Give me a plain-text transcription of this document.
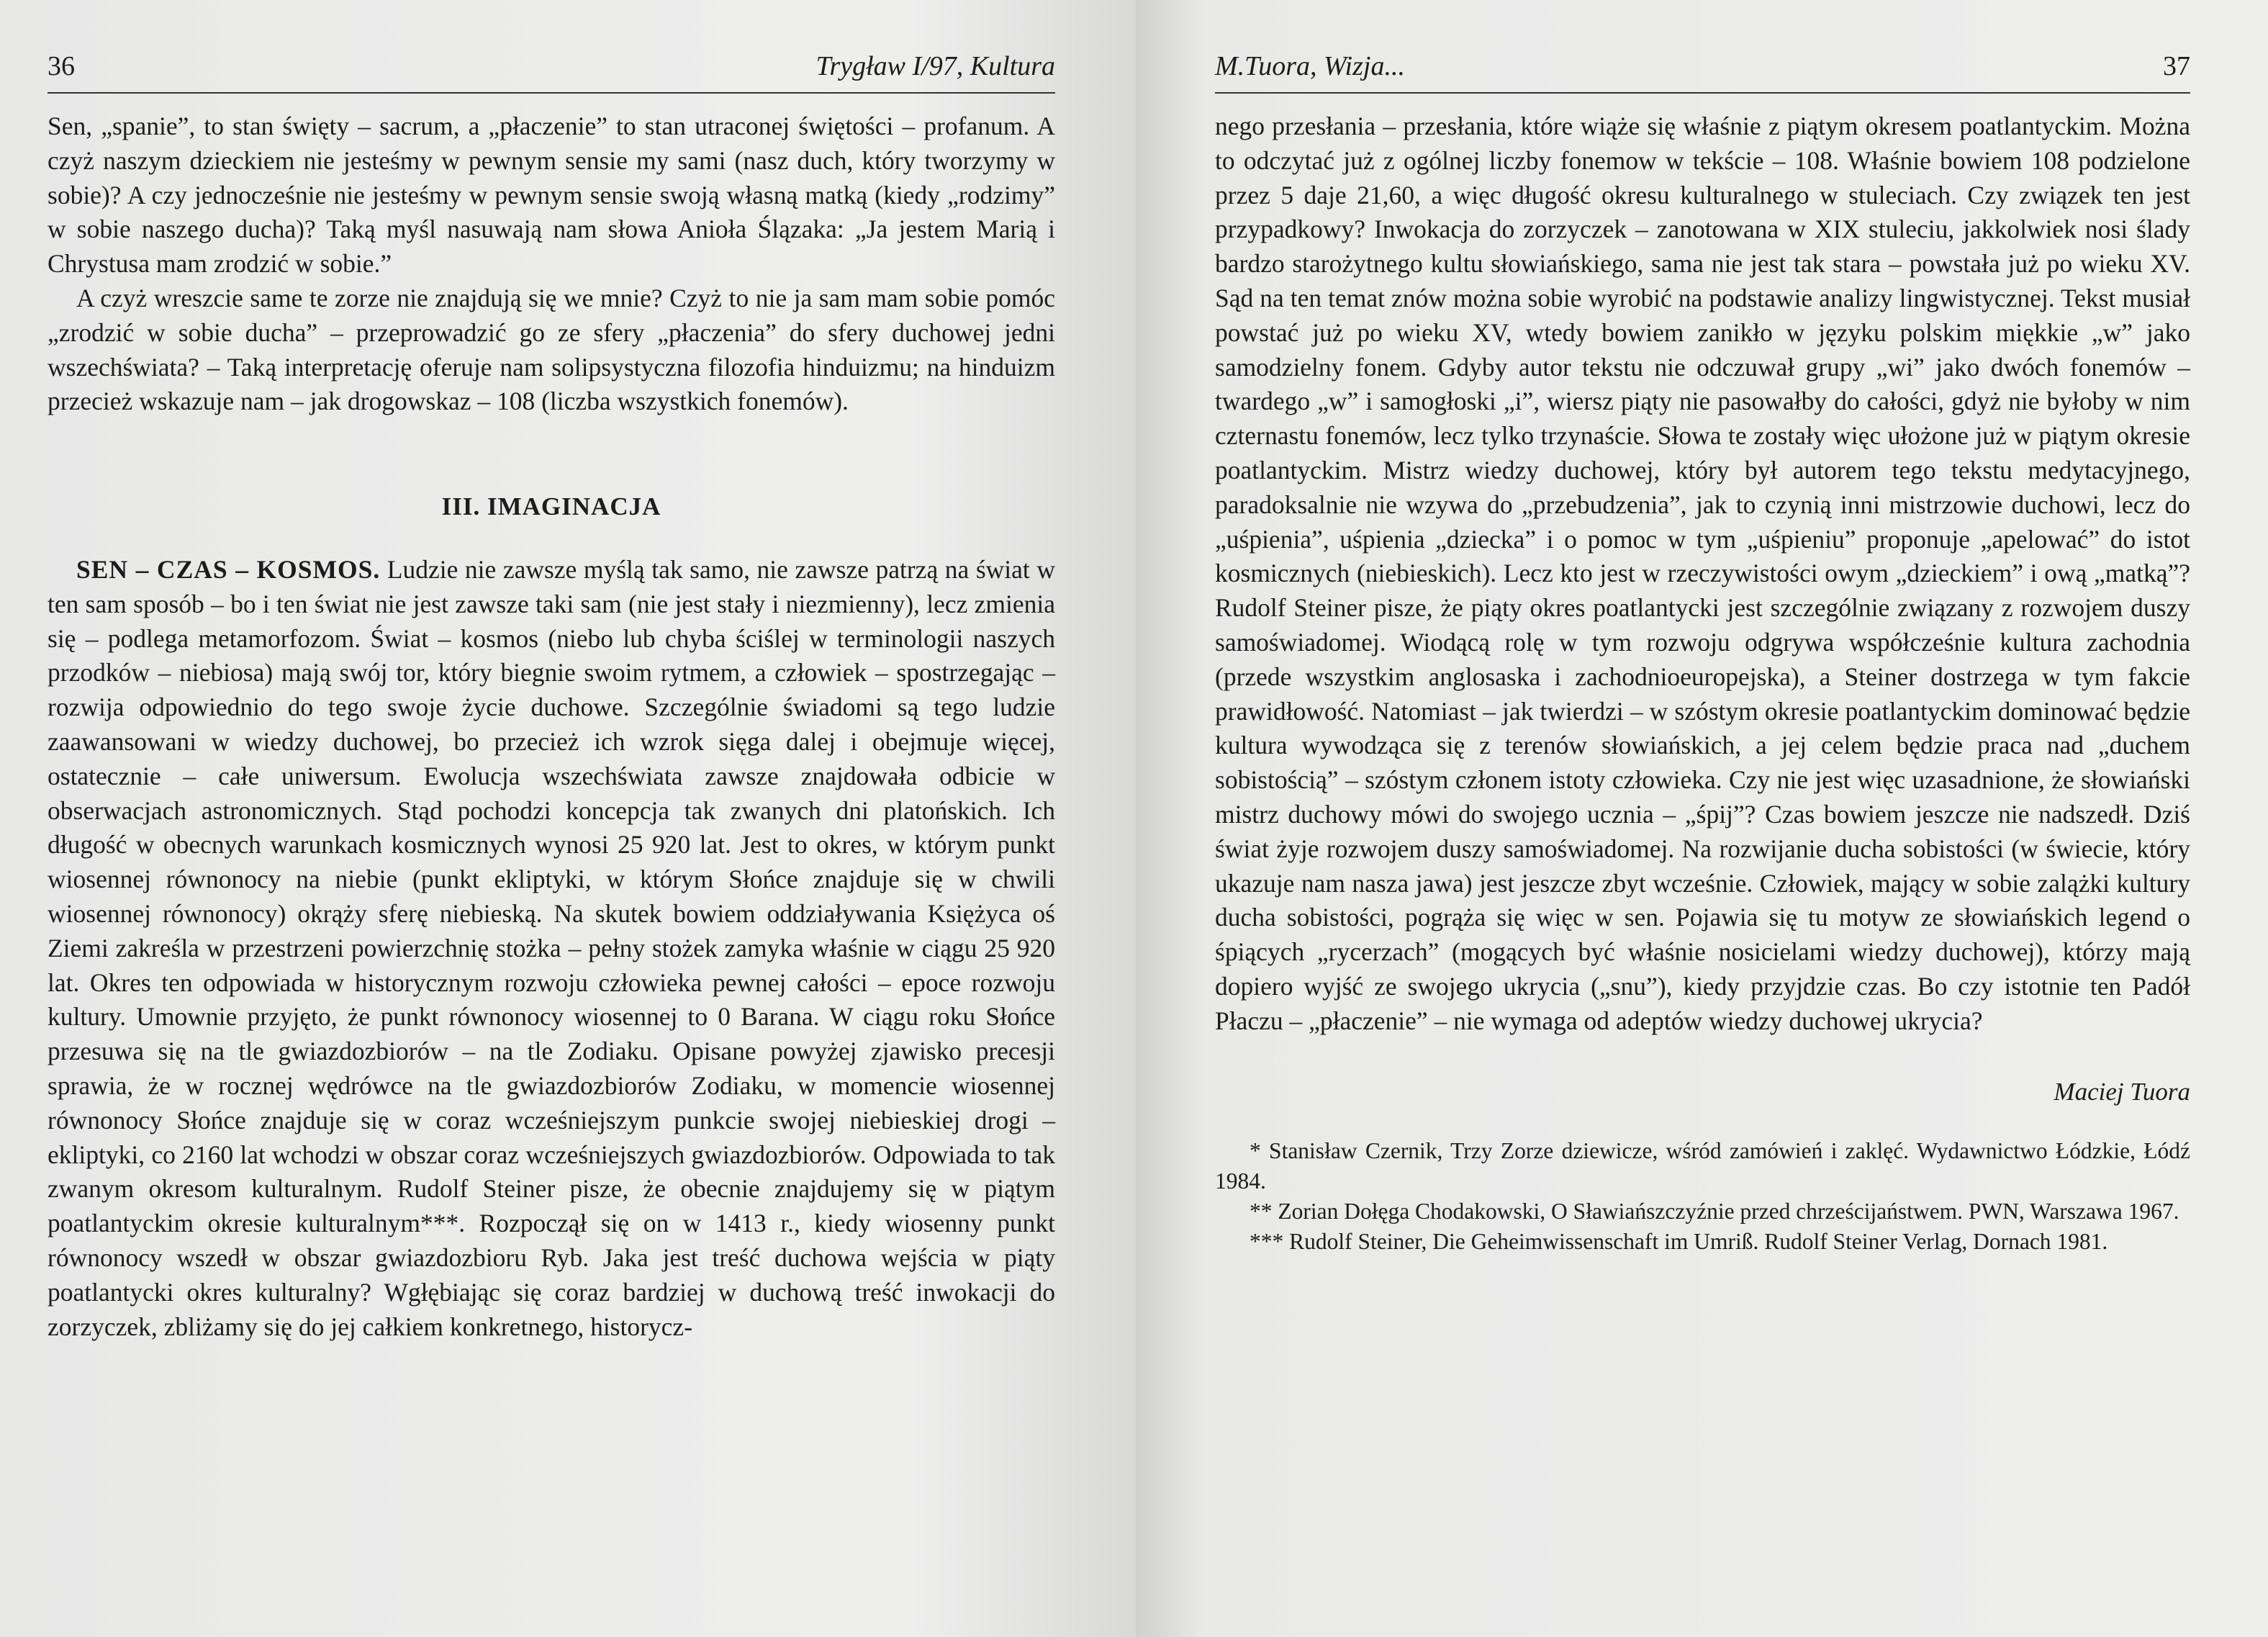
36	Trygław I/97, Kultura

Sen, „spanie”, to stan święty – sacrum, a „płaczenie” to stan utraconej świętości – profanum. A czyż naszym dzieckiem nie jesteśmy w pewnym sensie my sami (nasz duch, który tworzymy w sobie)? A czy jednocześnie nie jesteśmy w pewnym sensie swoją własną matką (kiedy „rodzimy” w sobie naszego ducha)? Taką myśl nasuwają nam słowa Anioła Ślązaka: „Ja jestem Marią i Chrystusa mam zrodzić w sobie.”

A czyż wreszcie same te zorze nie znajdują się we mnie? Czyż to nie ja sam mam sobie pomóc „zrodzić w sobie ducha” – przeprowadzić go ze sfery „płaczenia” do sfery duchowej jedni wszechświata? – Taką interpretację oferuje nam solipsystyczna filozofia hinduizmu; na hinduizm przecież wskazuje nam – jak drogowskaz – 108 (liczba wszystkich fonemów).

III. IMAGINACJA

SEN – CZAS – KOSMOS. Ludzie nie zawsze myślą tak samo, nie zawsze patrzą na świat w ten sam sposób – bo i ten świat nie jest zawsze taki sam (nie jest stały i niezmienny), lecz zmienia się – podlega metamorfozom. Świat – kosmos (niebo lub chyba ściślej w terminologii naszych przodków – niebiosa) mają swój tor, który biegnie swoim rytmem, a człowiek – spostrzegając – rozwija odpowiednio do tego swoje życie duchowe. Szczególnie świadomi są tego ludzie zaawansowani w wiedzy duchowej, bo przecież ich wzrok sięga dalej i obejmuje więcej, ostatecznie – całe uniwersum. Ewolucja wszechświata zawsze znajdowała odbicie w obserwacjach astronomicznych. Stąd pochodzi koncepcja tak zwanych dni platońskich. Ich długość w obecnych warunkach kosmicznych wynosi 25 920 lat. Jest to okres, w którym punkt wiosennej równonocy na niebie (punkt ekliptyki, w którym Słońce znajduje się w chwili wiosennej równonocy) okrąży sferę niebieską. Na skutek bowiem oddziaływania Księżyca oś Ziemi zakreśla w przestrzeni powierzchnię stożka – pełny stożek zamyka właśnie w ciągu 25 920 lat. Okres ten odpowiada w historycznym rozwoju człowieka pewnej całości – epoce rozwoju kultury. Umownie przyjęto, że punkt równonocy wiosennej to 0 Barana. W ciągu roku Słońce przesuwa się na tle gwiazdozbiorów – na tle Zodiaku. Opisane powyżej zjawisko precesji sprawia, że w rocznej wędrówce na tle gwiazdozbiorów Zodiaku, w momencie wiosennej równonocy Słońce znajduje się w coraz wcześniejszym punkcie swojej niebieskiej drogi – ekliptyki, co 2160 lat wchodzi w obszar coraz wcześniejszych gwiazdozbiorów. Odpowiada to tak zwanym okresom kulturalnym. Rudolf Steiner pisze, że obecnie znajdujemy się w piątym poatlantyckim okresie kulturalnym***. Rozpoczął się on w 1413 r., kiedy wiosenny punkt równonocy wszedł w obszar gwiazdozbioru Ryb. Jaka jest treść duchowa wejścia w piąty poatlantycki okres kulturalny? Wgłębiając się coraz bardziej w duchową treść inwokacji do zorzyczek, zbliżamy się do jej całkiem konkretnego, historycz-

M.Tuora, Wizja...	37

nego przesłania – przesłania, które wiąże się właśnie z piątym okresem poatlantyckim. Można to odczytać już z ogólnej liczby fonemow w tekście – 108. Właśnie bowiem 108 podzielone przez 5 daje 21,60, a więc długość okresu kulturalnego w stuleciach. Czy związek ten jest przypadkowy? Inwokacja do zorzyczek – zanotowana w XIX stuleciu, jakkolwiek nosi ślady bardzo starożytnego kultu słowiańskiego, sama nie jest tak stara – powstała już po wieku XV. Sąd na ten temat znów można sobie wyrobić na podstawie analizy lingwistycznej. Tekst musiał powstać już po wieku XV, wtedy bowiem zanikło w języku polskim miękkie „w” jako samodzielny fonem. Gdyby autor tekstu nie odczuwał grupy „wi” jako dwóch fonemów – twardego „w” i samogłoski „i”, wiersz piąty nie pasowałby do całości, gdyż nie byłoby w nim czternastu fonemów, lecz tylko trzynaście. Słowa te zostały więc ułożone już w piątym okresie poatlantyckim. Mistrz wiedzy duchowej, który był autorem tego tekstu medytacyjnego, paradoksalnie nie wzywa do „przebudzenia”, jak to czynią inni mistrzowie duchowi, lecz do „uśpienia”, uśpienia „dziecka” i o pomoc w tym „uśpieniu” proponuje „apelować” do istot kosmicznych (niebieskich). Lecz kto jest w rzeczywistości owym „dzieckiem” i ową „matką”? Rudolf Steiner pisze, że piąty okres poatlantycki jest szczególnie związany z rozwojem duszy samoświadomej. Wiodącą rolę w tym rozwoju odgrywa współcześnie kultura zachodnia (przede wszystkim anglosaska i zachodnioeuropejska), a Steiner dostrzega w tym fakcie prawidłowość. Natomiast – jak twierdzi – w szóstym okresie poatlantyckim dominować będzie kultura wywodząca się z terenów słowiańskich, a jej celem będzie praca nad „duchem sobistością” – szóstym członem istoty człowieka. Czy nie jest więc uzasadnione, że słowiański mistrz duchowy mówi do swojego ucznia – „śpij”? Czas bowiem jeszcze nie nadszedł. Dziś świat żyje rozwojem duszy samoświadomej. Na rozwijanie ducha sobistości (w świecie, który ukazuje nam nasza jawa) jest jeszcze zbyt wcześnie. Człowiek, mający w sobie zalążki kultury ducha sobistości, pogrąża się więc w sen. Pojawia się tu motyw ze słowiańskich legend o śpiących „rycerzach” (mogących być właśnie nosicielami wiedzy duchowej), którzy mają dopiero wyjść ze swojego ukrycia („snu”), kiedy przyjdzie czas. Bo czy istotnie ten Padół Płaczu – „płaczenie” – nie wymaga od adeptów wiedzy duchowej ukrycia?

Maciej Tuora

* Stanisław Czernik, Trzy Zorze dziewicze, wśród zamówień i zaklęć. Wydawnictwo Łódzkie, Łódź 1984.

** Zorian Dołęga Chodakowski, O Sławiańszczyźnie przed chrześcijaństwem. PWN, Warszawa 1967.

*** Rudolf Steiner, Die Geheimwissenschaft im Umriß. Rudolf Steiner Verlag, Dornach 1981.
